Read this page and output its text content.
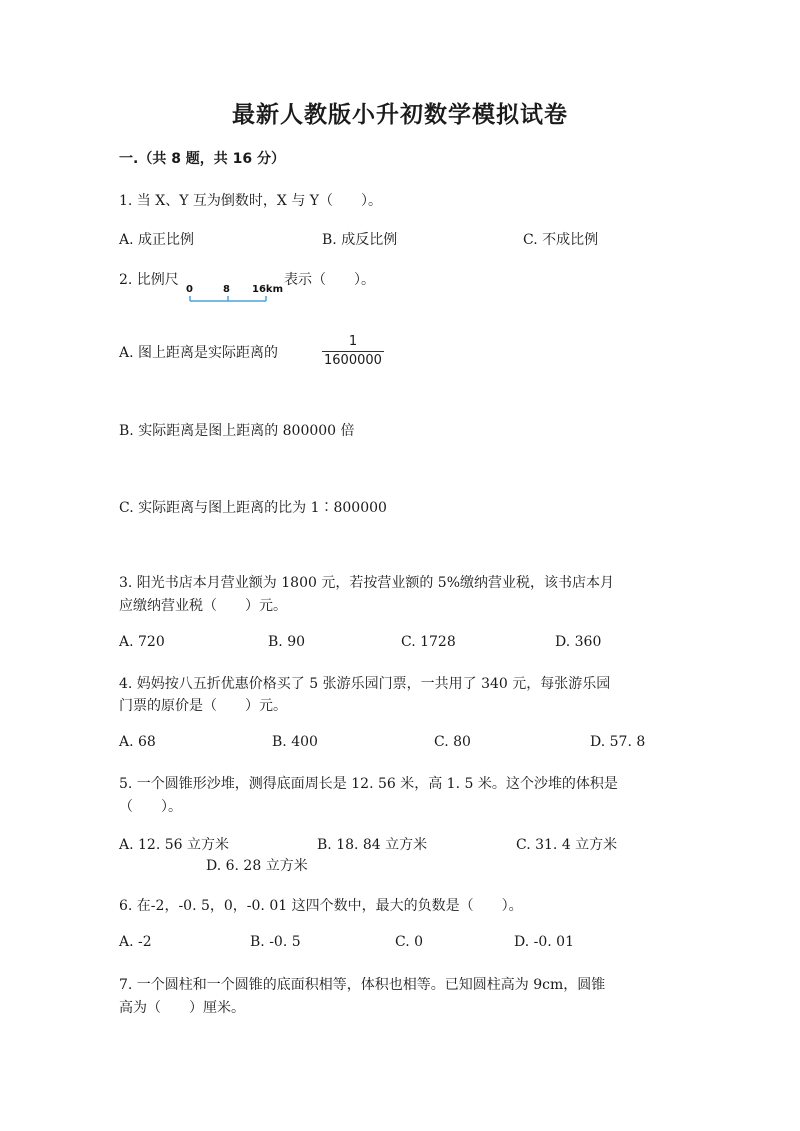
最新人教版小升初数学模拟试卷
一.（共 8 题，共 16 分）
1. 当 X、Y 互为倒数时，X 与 Y（　　）。
A. 成正比例	B. 成反比例	C. 不成比例
2. 比例尺
0	8 16km
表示（　　）。
A. 图上距离是实际距离的
1
1600000
B. 实际距离是图上距离的 800000 倍
C. 实际距离与图上距离的比为 1∶800000
3. 阳光书店本月营业额为 1800 元，若按营业额的 5%缴纳营业税，该书店本月
应缴纳营业税（　　）元。
A. 720	B. 90	C. 1728	D. 360
4. 妈妈按八五折优惠价格买了 5 张游乐园门票，一共用了 340 元，每张游乐园
门票的原价是（　　）元。
A. 68	B. 400	C. 80	D. 57. 8
5. 一个圆锥形沙堆，测得底面周长是 12. 56 米，高 1. 5 米。这个沙堆的体积是
（　　）。
A. 12. 56 立方米	B. 18. 84 立方米	C. 31. 4 立方米
D. 6. 28 立方米
6. 在-2，-0. 5，0，-0. 01 这四个数中，最大的负数是（　　）。
A. -2	B. -0. 5	C. 0	D. -0. 01
7. 一个圆柱和一个圆锥的底面积相等，体积也相等。已知圆柱高为 9cm，圆锥
高为（　　）厘米。
